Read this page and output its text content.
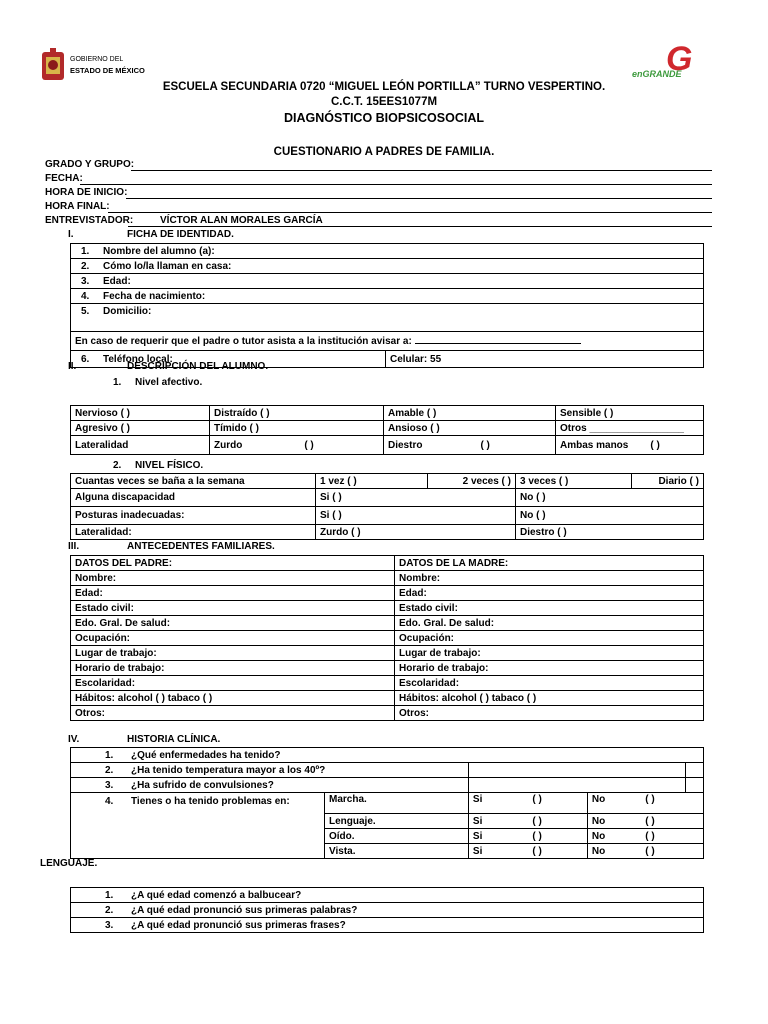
GOBIERNO DEL
ESTADO DE MÉXICO	G
enGRANDE
ESCUELA SECUNDARIA 0720 “MIGUEL LEÓN PORTILLA” TURNO VESPERTINO.
C.C.T. 15EES1077M
DIAGNÓSTICO BIOPSICOSOCIAL
CUESTIONARIO A PADRES DE FAMILIA.
GRADO Y GRUPO:
FECHA:
HORA DE INICIO:
HORA FINAL:
ENTREVISTADOR:	VÍCTOR ALAN MORALES GARCÍA
I.	FICHA DE IDENTIDAD.
1. Nombre del alumno (a):
2. Cómo lo/la llaman en casa:
3. Edad:
4. Fecha de nacimiento:
5. Domicilio:
En caso de requerir que el padre o tutor asista a la institución avisar a:
6. Teléfono local:	Celular: 55
II.	DESCRIPCIÓN DEL ALUMNO.
1. Nivel afectivo.
Nervioso ( )	Distraído ( )	Amable ( )	Sensible ( )
Agresivo ( )	Tímido ( )	Ansioso ( )	Otros _________________
Lateralidad	Zurdo ( )	Diestro ( )	Ambas manos ( )
2. NIVEL FÍSICO.
Cuantas veces se baña a la semana	1 vez ( )	2 veces ( )	3 veces ( )	Diario ( )
Alguna discapacidad	Si ( )		No ( )	
Posturas inadecuadas:	Si ( )		No ( )	
Lateralidad:	Zurdo ( )		Diestro ( )	
III.	ANTECEDENTES FAMILIARES.
DATOS DEL PADRE:	DATOS DE LA MADRE:
Nombre:	Nombre:
Edad:	Edad:
Estado civil:	Estado civil:
Edo. Gral. De salud:	Edo. Gral. De salud:
Ocupación:	Ocupación:
Lugar de trabajo:	Lugar de trabajo:
Horario de trabajo:	Horario de trabajo:
Escolaridad:	Escolaridad:
Hábitos: alcohol ( ) tabaco ( )	Hábitos: alcohol ( ) tabaco ( )
Otros:	Otros:
IV.	HISTORIA CLÍNICA.
1. ¿Qué enfermedades ha tenido?				
2. ¿Ha tenido temperatura mayor a los 40º?				
3. ¿Ha sufrido de convulsiones?				
4. Tienes o ha tenido problemas en:	Marcha.	Si ( )	No ( )	
	Lenguaje.	Si ( )	No ( )	
	Oído.	Si ( )	No ( )	
	Vista.	Si ( )	No ( )	
LENGUAJE.
1. ¿A qué edad comenzó a balbucear?
2. ¿A qué edad pronunció sus primeras palabras?
3. ¿A qué edad pronunció sus primeras frases?
